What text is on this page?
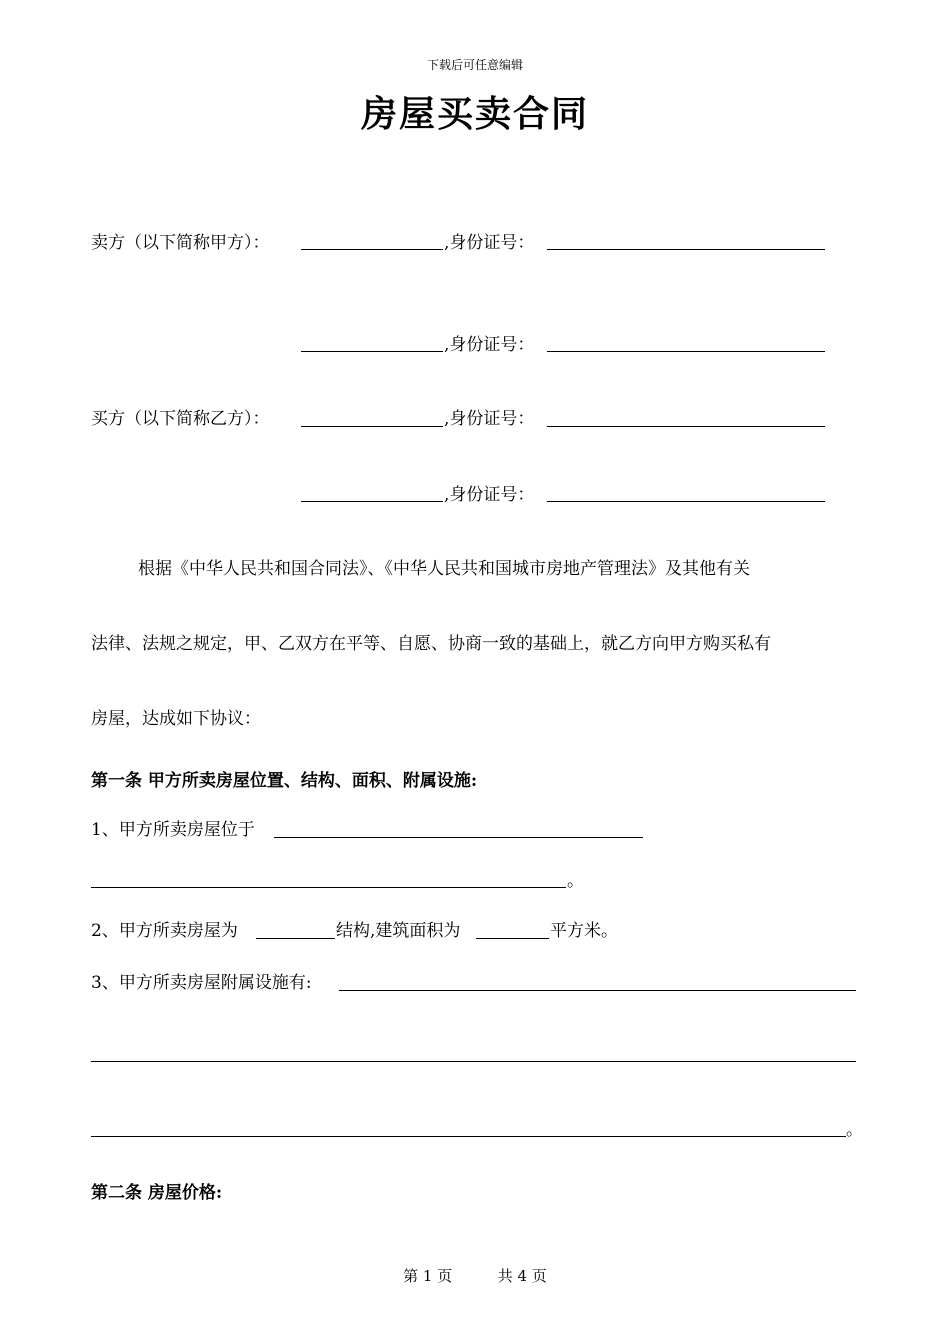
下载后可任意编辑
房屋买卖合同
卖方（以下简称甲方）：	,身份证号：
,身份证号：
买方（以下简称乙方）：	,身份证号：
,身份证号：
根据《中华人民共和国合同法》、《中华人民共和国城市房地产管理法》及其他有关
法律、法规之规定，甲、乙双方在平等、自愿、协商一致的基础上，就乙方向甲方购买私有
房屋，达成如下协议：
第一条 甲方所卖房屋位置、结构、面积、附属设施:
1、甲方所卖房屋位于
。
2、甲方所卖房屋为	结构,建筑面积为	平方米。
3、甲方所卖房屋附属设施有:
。
第二条 房屋价格:
第 1 页	共 4 页
